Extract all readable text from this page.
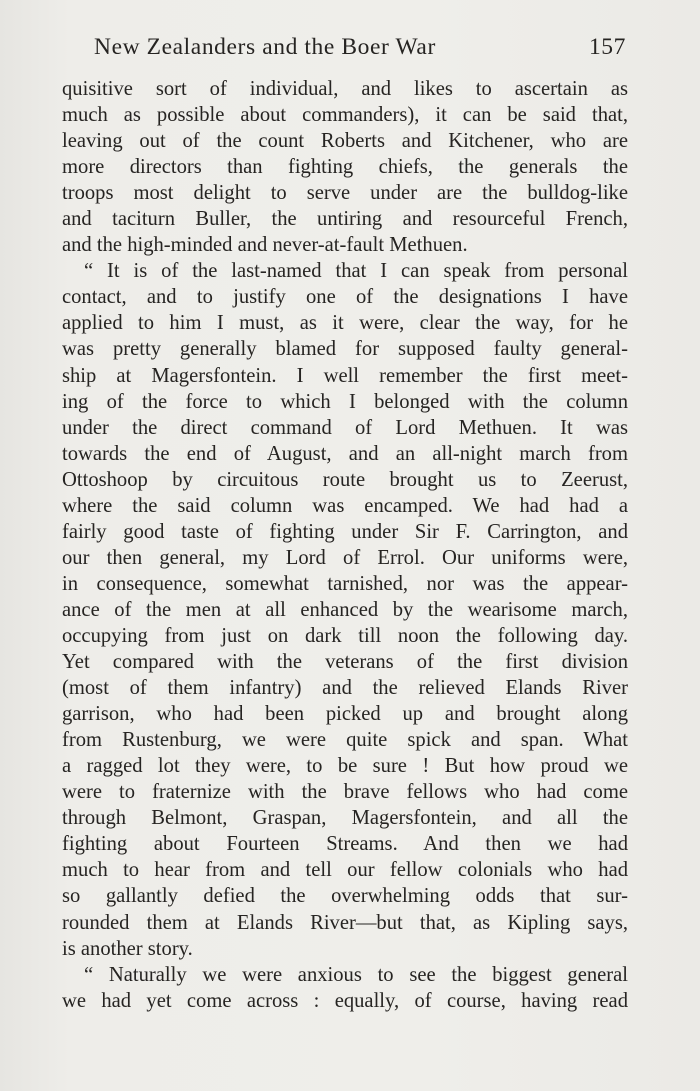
New Zealanders and the Boer War	157
quisitive sort of individual, and likes to ascertain as
much as possible about commanders), it can be said that,
leaving out of the count Roberts and Kitchener, who are
more directors than fighting chiefs, the generals the
troops most delight to serve under are the bulldog-like
and taciturn Buller, the untiring and resourceful French,
and the high-minded and never-at-fault Methuen.
“ It is of the last-named that I can speak from personal
contact, and to justify one of the designations I have
applied to him I must, as it were, clear the way, for he
was pretty generally blamed for supposed faulty general-
ship at Magersfontein. I well remember the first meet-
ing of the force to which I belonged with the column
under the direct command of Lord Methuen. It was
towards the end of August, and an all-night march from
Ottoshoop by circuitous route brought us to Zeerust,
where the said column was encamped. We had had a
fairly good taste of fighting under Sir F. Carrington, and
our then general, my Lord of Errol. Our uniforms were,
in consequence, somewhat tarnished, nor was the appear-
ance of the men at all enhanced by the wearisome march,
occupying from just on dark till noon the following day.
Yet compared with the veterans of the first division
(most of them infantry) and the relieved Elands River
garrison, who had been picked up and brought along
from Rustenburg, we were quite spick and span. What
a ragged lot they were, to be sure ! But how proud we
were to fraternize with the brave fellows who had come
through Belmont, Graspan, Magersfontein, and all the
fighting about Fourteen Streams. And then we had
much to hear from and tell our fellow colonials who had
so gallantly defied the overwhelming odds that sur-
rounded them at Elands River—but that, as Kipling says,
is another story.
“ Naturally we were anxious to see the biggest general
we had yet come across : equally, of course, having read
